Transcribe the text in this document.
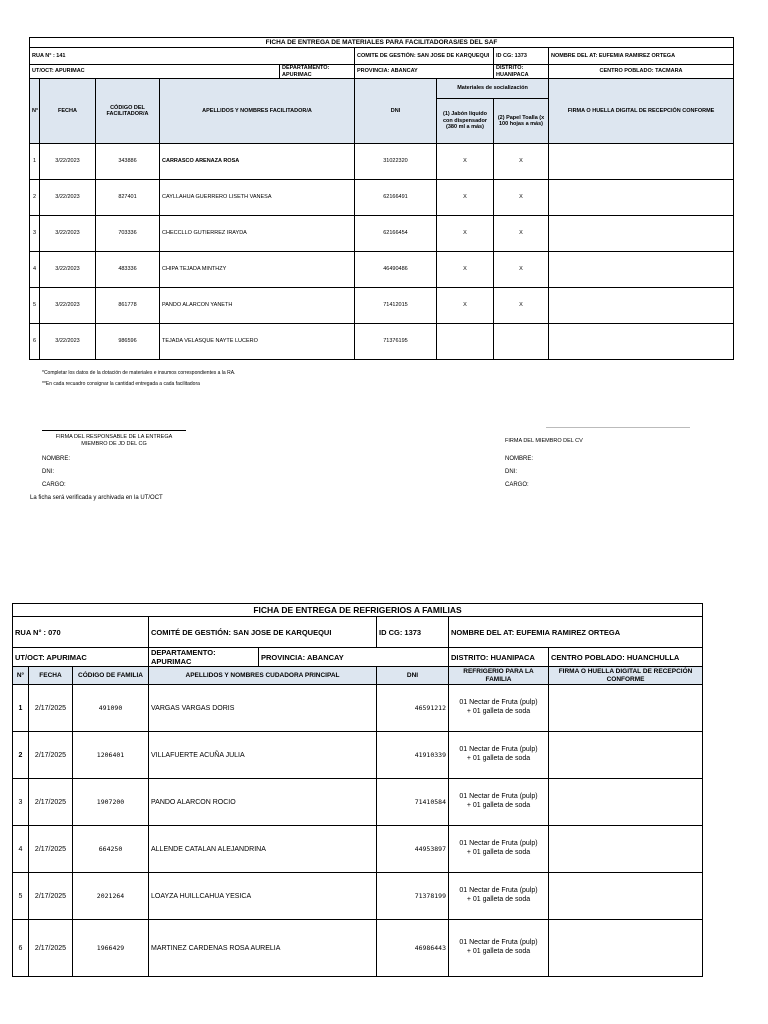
FICHA DE ENTREGA DE MATERIALES PARA FACILITADORAS/ES DEL SAF								
RUA N° : 141					COMITE DE GESTIÓN: SAN JOSE DE KARQUEQUI		ID CG: 1373	NOMBRE DEL AT: EUFEMIA RAMIREZ ORTEGA
UT/OCT: APURIMAC				DEPARTAMENTO: APURIMAC	PROVINCIA: ABANCAY		DISTRITO: HUANIPACA	CENTRO POBLADO: TACMARA
N°	FECHA	CÓDIGO DEL FACILITADOR/A	APELLIDOS Y NOMBRES FACILITADOR/A		DNI	Materiales de socialización		FIRMA O HUELLA DIGITAL DE RECEPCIÓN CONFORME
						(1) Jabón líquido con dispensador (380 ml a más)	(2) Papel Toalla (x 100 hojas a más)	
1	3/22/2023	343886	CARRASCO ARENAZA ROSA		31022320	X	X	
2	3/22/2023	827401	CAYLLAHUA GUERRERO LISETH VANESA		62166491	X	X	
3	3/22/2023	703336	CHECCLLO GUTIERREZ IRAYDA		62166454	X	X	
4	3/22/2023	483336	CHIPA TEJADA MINTHZY		46490486	X	X	
5	3/22/2023	861778	PANDO ALARCON YANETH		71412015	X	X	
6	3/22/2023	986596	TEJADA VELASQUE NAYTE LUCERO		71376195			
*Completar los datos de la dotación de materiales e insumos correspondientes a la RA.
**En cada recuadro consignar la cantidad entregada a cada facilitadora
FIRMA DEL RESPONSABLE DE LA ENTREGA
MIEMBRO DE JD DEL CG
FIRMA DEL MIEMBRO DEL CV
NOMBRE:
DNI:
CARGO:
NOMBRE:
DNI:
CARGO:
La ficha será verificada y archivada en la UT/OCT
FICHA DE ENTREGA DE REFRIGERIOS A FAMILIAS							
RUA N° : 070			COMITÉ DE GESTIÓN: SAN JOSE DE KARQUEQUI		ID CG: 1373	NOMBRE DEL AT: EUFEMIA RAMIREZ ORTEGA	
UT/OCT: APURIMAC			DEPARTAMENTO: APURIMAC	PROVINCIA: ABANCAY		DISTRITO: HUANIPACA	CENTRO POBLADO: HUANCHULLA
N°	FECHA	CÓDIGO DE FAMILIA	APELLIDOS Y NOMBRES CUDADORA PRINCIPAL		DNI	REFRIGERIO PARA LA FAMILIA	FIRMA O HUELLA DIGITAL DE RECEPCIÓN CONFORME
1	2/17/2025	491090	VARGAS VARGAS DORIS		46591212	01 Nectar de Fruta (pulp)
+ 01 galleta de soda	

2	2/17/2025	1206401	VILLAFUERTE ACUÑA JULIA		41910339	01 Nectar de Fruta (pulp)
+ 01 galleta de soda	

3	2/17/2025	1907200	PANDO ALARCON ROCIO		71410584	01 Nectar de Fruta (pulp)
+ 01 galleta de soda	

4	2/17/2025	664250	ALLENDE CATALAN ALEJANDRINA		44953897	01 Nectar de Fruta (pulp)
+ 01 galleta de soda	

5	2/17/2025	2021264	LOAYZA HUILLCAHUA YESICA		71378199	01 Nectar de Fruta (pulp)
+ 01 galleta de soda	

6	2/17/2025	1966429	MARTINEZ CARDENAS ROSA AURELIA		46986443	01 Nectar de Fruta (pulp)
+ 01 galleta de soda	
